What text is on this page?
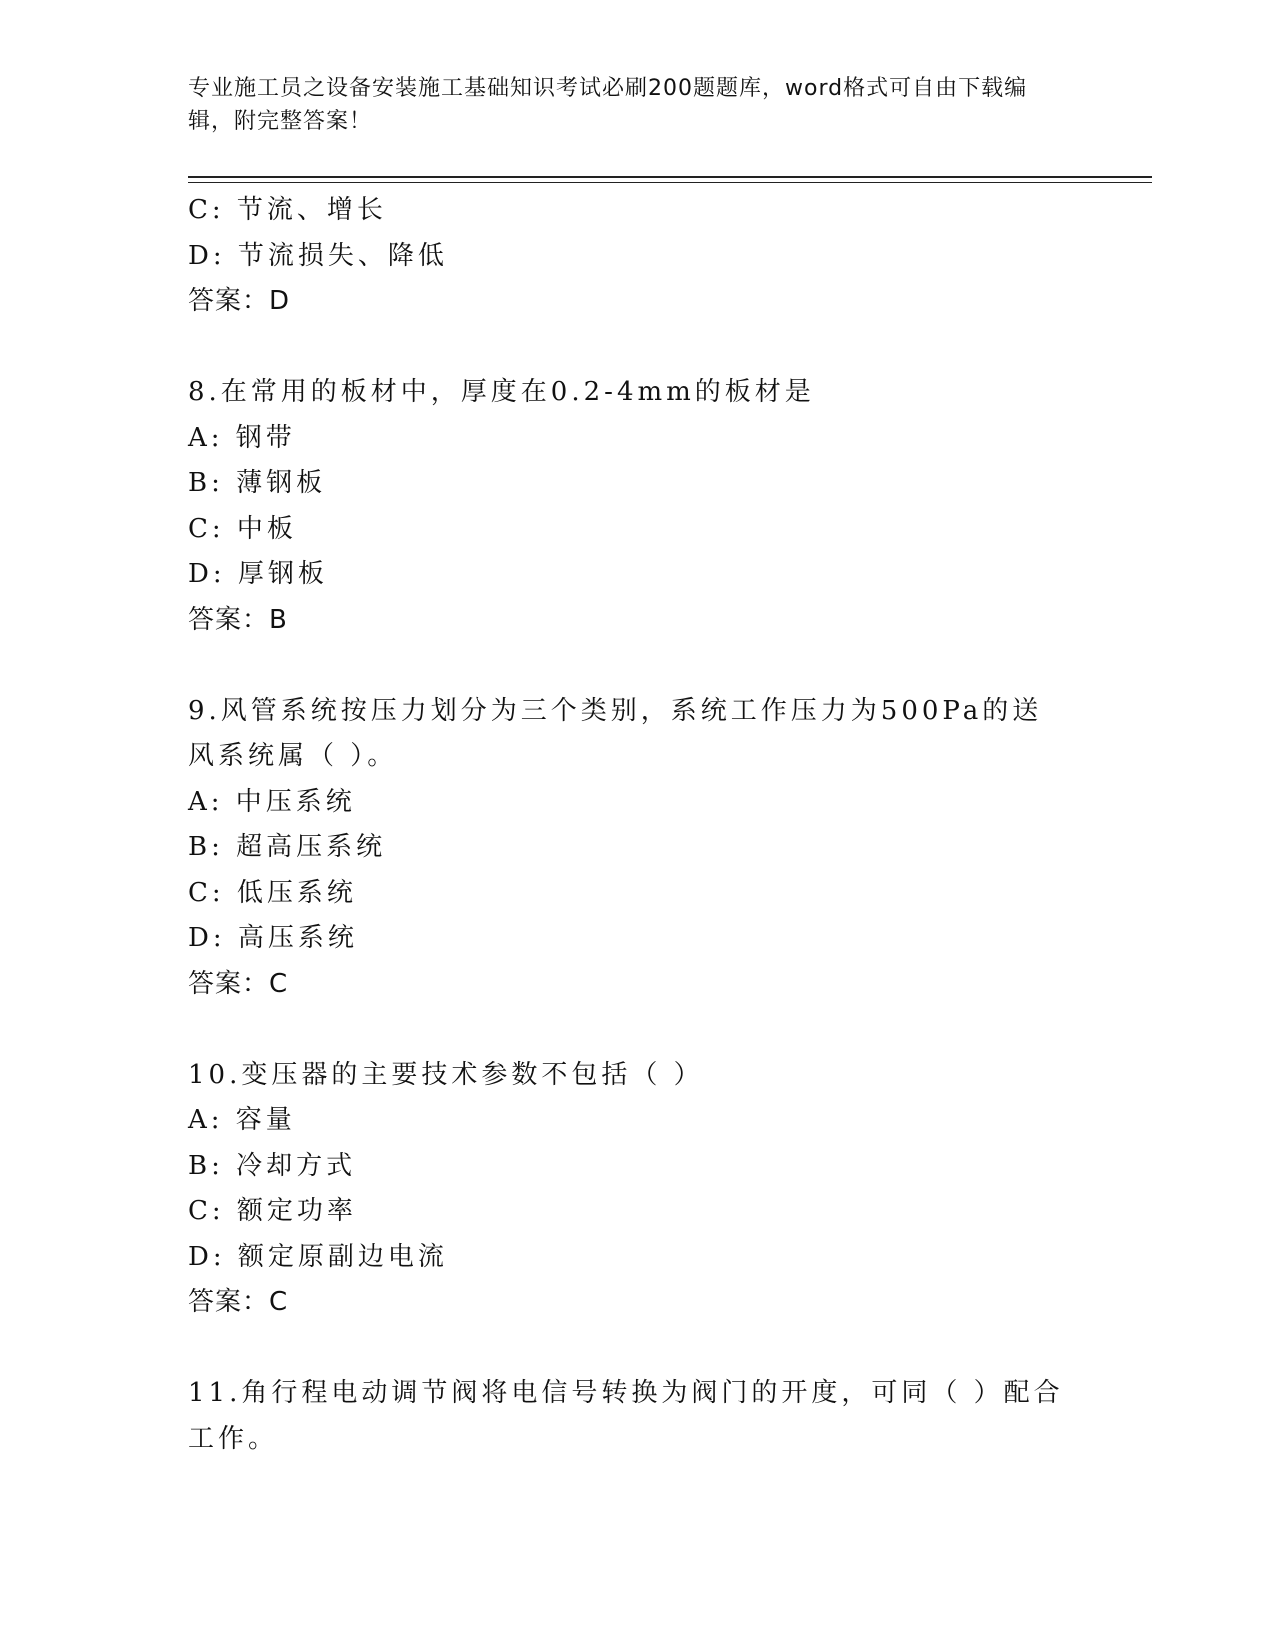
专业施工员之设备安装施工基础知识考试必刷200题题库，word格式可自由下载编辑，附完整答案！
C: 节流、增长
D: 节流损失、降低
答案：D
8.在常用的板材中，厚度在0.2-4mm的板材是
A: 钢带
B: 薄钢板
C: 中板
D: 厚钢板
答案：B
9.风管系统按压力划分为三个类别，系统工作压力为500Pa的送风系统属（ ）。
A: 中压系统
B: 超高压系统
C: 低压系统
D: 高压系统
答案：C
10.变压器的主要技术参数不包括（ ）
A: 容量
B: 冷却方式
C: 额定功率
D: 额定原副边电流
答案：C
11.角行程电动调节阀将电信号转换为阀门的开度，可同（ ）配合工作。
